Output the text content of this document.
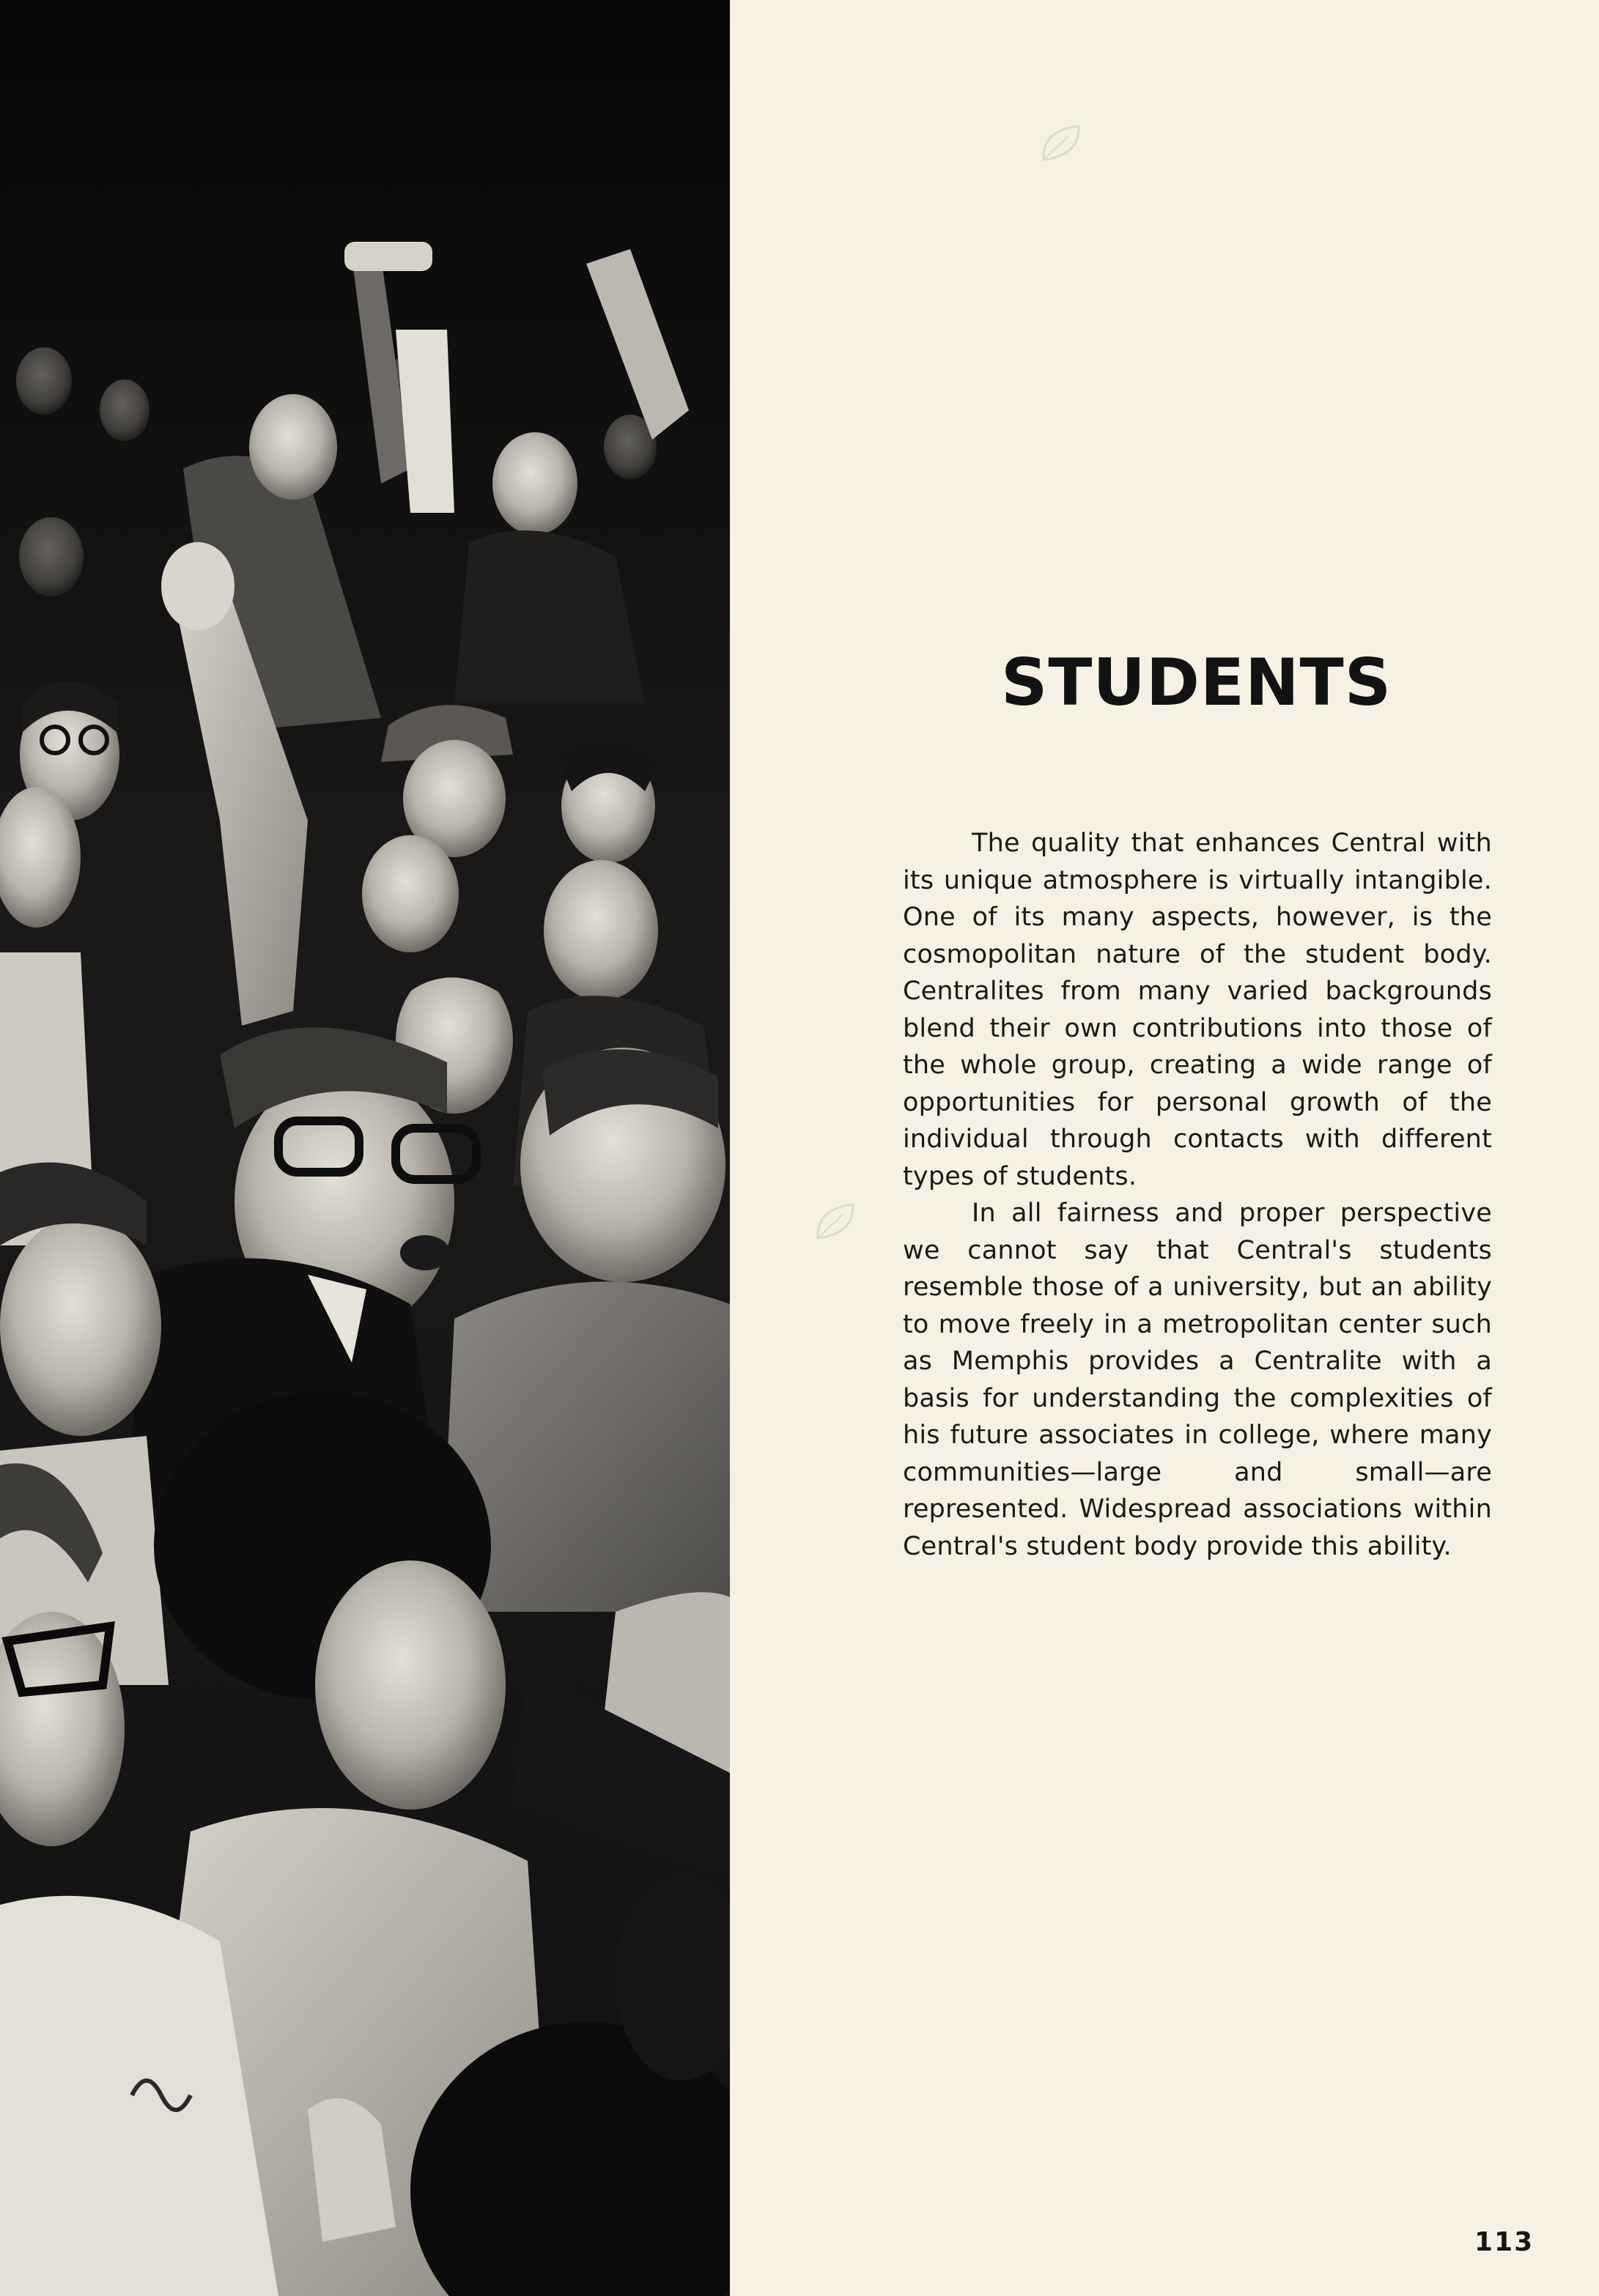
STUDENTS

The quality that enhances Central with its unique atmosphere is virtually intangible. One of its many aspects, however, is the cosmopolitan nature of the student body. Centralites from many varied backgrounds blend their own contributions into those of the whole group, creating a wide range of opportunities for personal growth of the individual through contacts with different types of students.

In all fairness and proper perspective we cannot say that Central's students resemble those of a university, but an ability to move freely in a metropolitan center such as Memphis provides a Centralite with a basis for understanding the complexities of his future associates in college, where many communities—large and small—are represented. Widespread associations within Central's student body provide this ability.

113
